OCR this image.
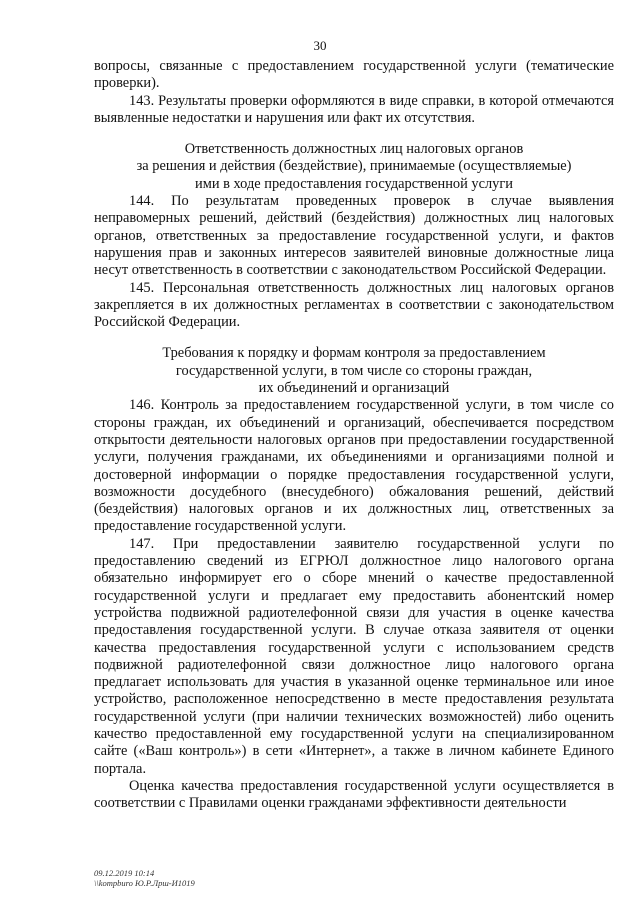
30

вопросы, связанные с предоставлением государственной услуги (тематические проверки).

143. Результаты проверки оформляются в виде справки, в которой отмечаются выявленные недостатки и нарушения или факт их отсутствия.

Ответственность должностных лиц налоговых органов
за решения и действия (бездействие), принимаемые (осуществляемые)
ими в ходе предоставления государственной услуги

144. По результатам проведенных проверок в случае выявления неправомерных решений, действий (бездействия) должностных лиц налоговых органов, ответственных за предоставление государственной услуги, и фактов нарушения прав и законных интересов заявителей виновные должностные лица несут ответственность в соответствии с законодательством Российской Федерации.

145. Персональная ответственность должностных лиц налоговых органов закрепляется в их должностных регламентах в соответствии с законодательством Российской Федерации.

Требования к порядку и формам контроля за предоставлением
государственной услуги, в том числе со стороны граждан,
их объединений и организаций

146. Контроль за предоставлением государственной услуги, в том числе со стороны граждан, их объединений и организаций, обеспечивается посредством открытости деятельности налоговых органов при предоставлении государственной услуги, получения гражданами, их объединениями и организациями полной и достоверной информации о порядке предоставления государственной услуги, возможности досудебного (внесудебного) обжалования решений, действий (бездействия) налоговых органов и их должностных лиц, ответственных за предоставление государственной услуги.

147. При предоставлении заявителю государственной услуги по предоставлению сведений из ЕГРЮЛ должностное лицо налогового органа обязательно информирует его о сборе мнений о качестве предоставленной государственной услуги и предлагает ему предоставить абонентский номер устройства подвижной радиотелефонной связи для участия в оценке качества предоставления государственной услуги. В случае отказа заявителя от оценки качества предоставления государственной услуги с использованием средств подвижной радиотелефонной связи должностное лицо налогового органа предлагает использовать для участия в указанной оценке терминальное или иное устройство, расположенное непосредственно в месте предоставления результата государственной услуги (при наличии технических возможностей) либо оценить качество предоставленной ему государственной услуги на специализированном сайте («Ваш контроль») в сети «Интернет», а также в личном кабинете Единого портала.

Оценка качества предоставления государственной услуги осуществляется в соответствии с Правилами оценки гражданами эффективности деятельности

09.12.2019 10:14
\\kompburo Ю.Р.Лрш-И1019
